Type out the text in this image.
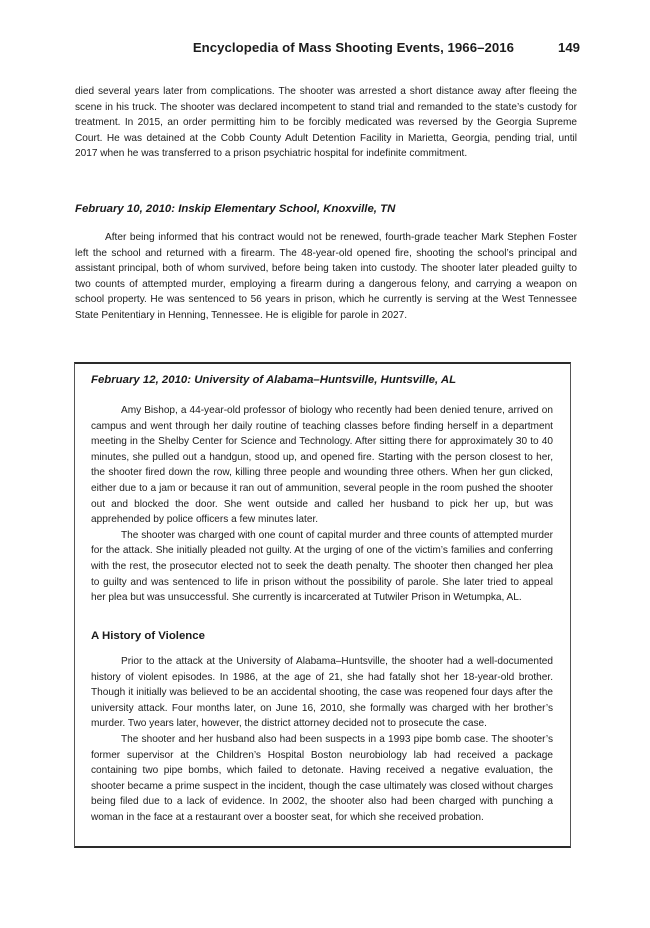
Encyclopedia of Mass Shooting Events, 1966–2016	149

died several years later from complications. The shooter was arrested a short distance away after fleeing the scene in his truck. The shooter was declared incompetent to stand trial and remanded to the state’s custody for treatment. In 2015, an order permitting him to be forcibly medicated was reversed by the Georgia Supreme Court. He was detained at the Cobb County Adult Detention Facility in Marietta, Georgia, pending trial, until 2017 when he was transferred to a prison psychiatric hospital for indefinite commitment.

February 10, 2010: Inskip Elementary School, Knoxville, TN

After being informed that his contract would not be renewed, fourth-grade teacher Mark Stephen Foster left the school and returned with a firearm. The 48-year-old opened fire, shooting the school’s principal and assistant principal, both of whom survived, before being taken into custody. The shooter later pleaded guilty to two counts of attempted murder, employing a firearm during a dangerous felony, and carrying a weapon on school property. He was sentenced to 56 years in prison, which he currently is serving at the West Tennessee State Penitentiary in Henning, Tennessee. He is eligible for parole in 2027.

February 12, 2010: University of Alabama–Huntsville, Huntsville, AL

Amy Bishop, a 44-year-old professor of biology who recently had been denied tenure, arrived on campus and went through her daily routine of teaching classes before finding herself in a department meeting in the Shelby Center for Science and Technology. After sitting there for approximately 30 to 40 minutes, she pulled out a handgun, stood up, and opened fire. Starting with the person closest to her, the shooter fired down the row, killing three people and wounding three others. When her gun clicked, either due to a jam or because it ran out of ammunition, several people in the room pushed the shooter out and blocked the door. She went outside and called her husband to pick her up, but was apprehended by police officers a few minutes later.

The shooter was charged with one count of capital murder and three counts of attempted murder for the attack. She initially pleaded not guilty. At the urging of one of the victim’s families and conferring with the rest, the prosecutor elected not to seek the death penalty. The shooter then changed her plea to guilty and was sentenced to life in prison without the possibility of parole. She later tried to appeal her plea but was unsuccessful. She currently is incarcerated at Tutwiler Prison in Wetumpka, AL.

A History of Violence

Prior to the attack at the University of Alabama–Huntsville, the shooter had a well-documented history of violent episodes. In 1986, at the age of 21, she had fatally shot her 18-year-old brother. Though it initially was believed to be an accidental shooting, the case was reopened four days after the university attack. Four months later, on June 16, 2010, she formally was charged with her brother’s murder. Two years later, however, the district attorney decided not to prosecute the case.

The shooter and her husband also had been suspects in a 1993 pipe bomb case. The shooter’s former supervisor at the Children’s Hospital Boston neurobiology lab had received a package containing two pipe bombs, which failed to detonate. Having received a negative evaluation, the shooter became a prime suspect in the incident, though the case ultimately was closed without charges being filed due to a lack of evidence. In 2002, the shooter also had been charged with punching a woman in the face at a restaurant over a booster seat, for which she received probation.
